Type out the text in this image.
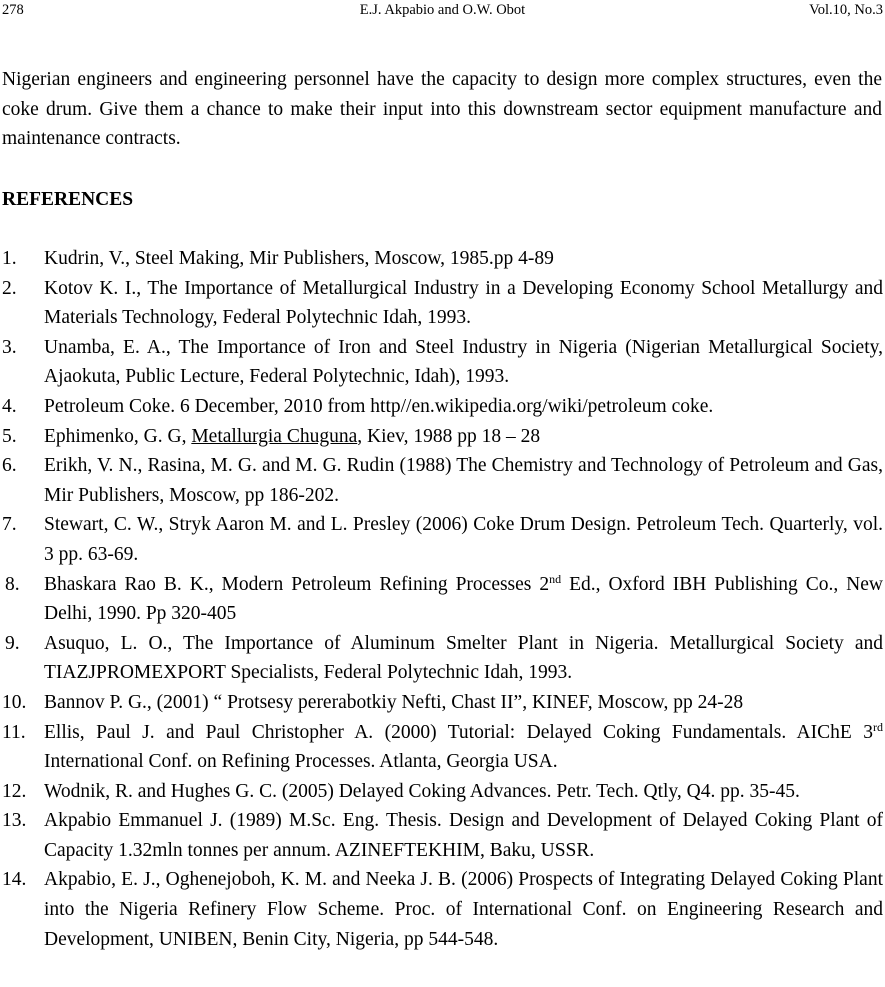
278	E.J. Akpabio and O.W. Obot	Vol.10, No.3

Nigerian engineers and engineering personnel have the capacity to design more complex structures, even the coke drum. Give them a chance to make their input into this downstream sector equipment manufacture and maintenance contracts.

REFERENCES
1. Kudrin, V., Steel Making, Mir Publishers, Moscow, 1985.pp 4-89
2. Kotov K. I., The Importance of Metallurgical Industry in a Developing Economy School Metallurgy and Materials Technology, Federal Polytechnic Idah, 1993.
3. Unamba, E. A., The Importance of Iron and Steel Industry in Nigeria (Nigerian Metallurgical Society, Ajaokuta, Public Lecture, Federal Polytechnic, Idah), 1993.
4. Petroleum Coke. 6 December, 2010 from http//en.wikipedia.org/wiki/petroleum coke.
5. Ephimenko, G. G, Metallurgia Chuguna, Kiev, 1988 pp 18 – 28
6. Erikh, V. N., Rasina, M. G. and M. G. Rudin (1988) The Chemistry and Technology of Petroleum and Gas, Mir Publishers, Moscow, pp 186-202.
7. Stewart, C. W., Stryk Aaron M. and L. Presley (2006) Coke Drum Design. Petroleum Tech. Quarterly, vol. 3 pp. 63-69.
8. Bhaskara Rao B. K., Modern Petroleum Refining Processes 2nd Ed., Oxford IBH Publishing Co., New Delhi, 1990. Pp 320-405
9. Asuquo, L. O., The Importance of Aluminum Smelter Plant in Nigeria. Metallurgical Society and TIAZJPROMEXPORT Specialists, Federal Polytechnic Idah, 1993.
10. Bannov P. G., (2001) “ Protsesy pererabotkiy Nefti, Chast II”, KINEF, Moscow, pp 24-28
11. Ellis, Paul J. and Paul Christopher A. (2000) Tutorial: Delayed Coking Fundamentals. AIChE 3rd International Conf. on Refining Processes. Atlanta, Georgia USA.
12. Wodnik, R. and Hughes G. C. (2005) Delayed Coking Advances. Petr. Tech. Qtly, Q4. pp. 35-45.
13. Akpabio Emmanuel J. (1989) M.Sc. Eng. Thesis. Design and Development of Delayed Coking Plant of Capacity 1.32mln tonnes per annum. AZINEFTEKHIM, Baku, USSR.
14. Akpabio, E. J., Oghenejoboh, K. M. and Neeka J. B. (2006) Prospects of Integrating Delayed Coking Plant into the Nigeria Refinery Flow Scheme. Proc. of International Conf. on Engineering Research and Development, UNIBEN, Benin City, Nigeria, pp 544-548.
